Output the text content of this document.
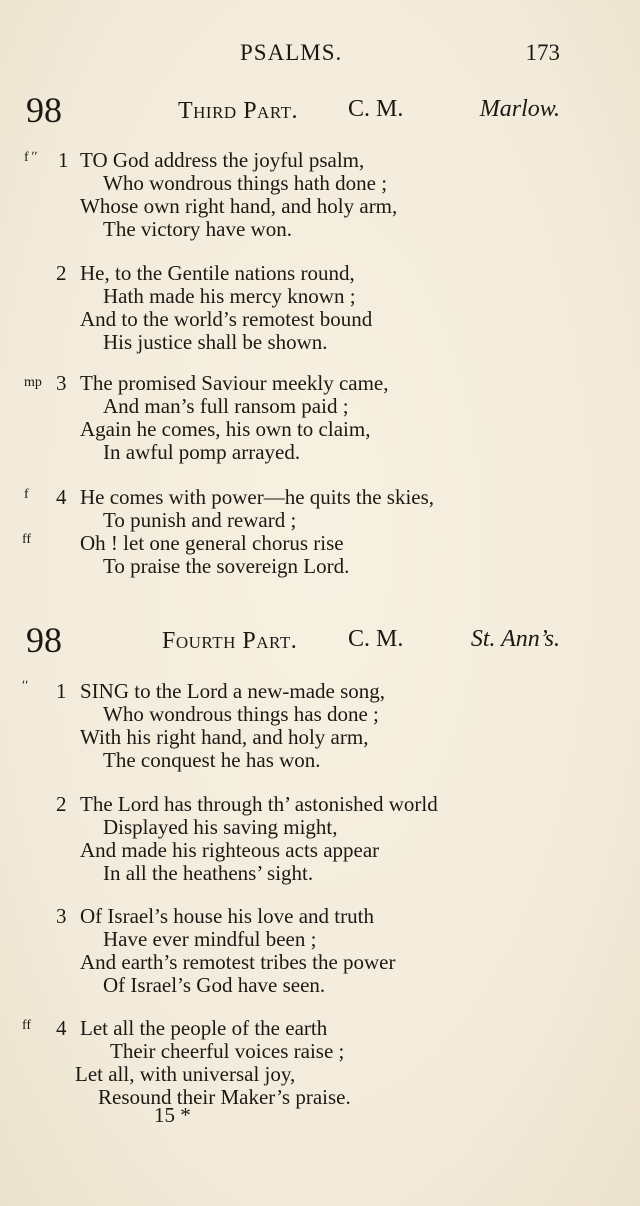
PSALMS.	173
98	Third Part. C. M.	Marlow.
f ʹʹ 1 TO God address the joyful psalm,
Who wondrous things hath done ;
Whose own right hand, and holy arm,
The victory have won.
2 He, to the Gentile nations round,
Hath made his mercy known ;
And to the world’s remotest bound
His justice shall be shown.
mp 3 The promised Saviour meekly came,
And man’s full ransom paid ;
Again he comes, his own to claim,
In awful pomp arrayed.
f
ff
4 He comes with power—he quits the skies,
To punish and reward ;
Oh ! let one general chorus rise
To praise the sovereign Lord.
98	Fourth Part. C. M.	St. Ann’s.
ʹʹ 1 SING to the Lord a new-made song,
Who wondrous things has done ;
With his right hand, and holy arm,
The conquest he has won.
2 The Lord has through th’ astonished world
Displayed his saving might,
And made his righteous acts appear
In all the heathens’ sight.
3 Of Israel’s house his love and truth
Have ever mindful been ;
And earth’s remotest tribes the power
Of Israel’s God have seen.
ff 4 Let all the people of the earth
Their cheerful voices raise ;
Let all, with universal joy,
Resound their Maker’s praise.
15 *
